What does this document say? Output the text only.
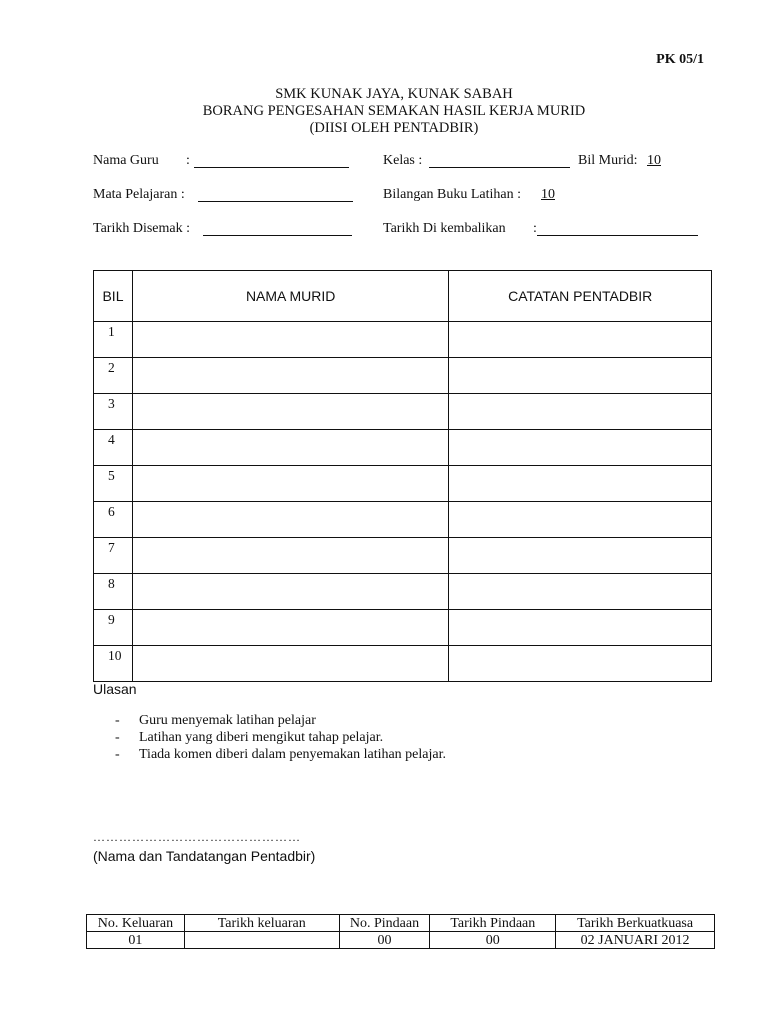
PK 05/1
SMK KUNAK JAYA, KUNAK SABAH
BORANG PENGESAHAN SEMAKAN HASIL KERJA MURID
(DIISI OLEH PENTADBIR)
Nama Guru :	Kelas :	Bil Murid: 10
Mata Pelajaran :	Bilangan Buku Latihan : 10
Tarikh Disemak :	Tarikh Di kembalikan :
BIL	NAMA MURID	CATATAN PENTADBIR
1		
2		
3		
4		
5		
6		
7		
8		
9		
10		
Ulasan
- Guru menyemak latihan pelajar
- Latihan yang diberi mengikut tahap pelajar.
- Tiada komen diberi dalam penyemakan latihan pelajar.
…………………………………………
(Nama dan Tandatangan Pentadbir)
No. Keluaran	Tarikh keluaran	No. Pindaan	Tarikh Pindaan	Tarikh Berkuatkuasa
01		00	00	02 JANUARI 2012
